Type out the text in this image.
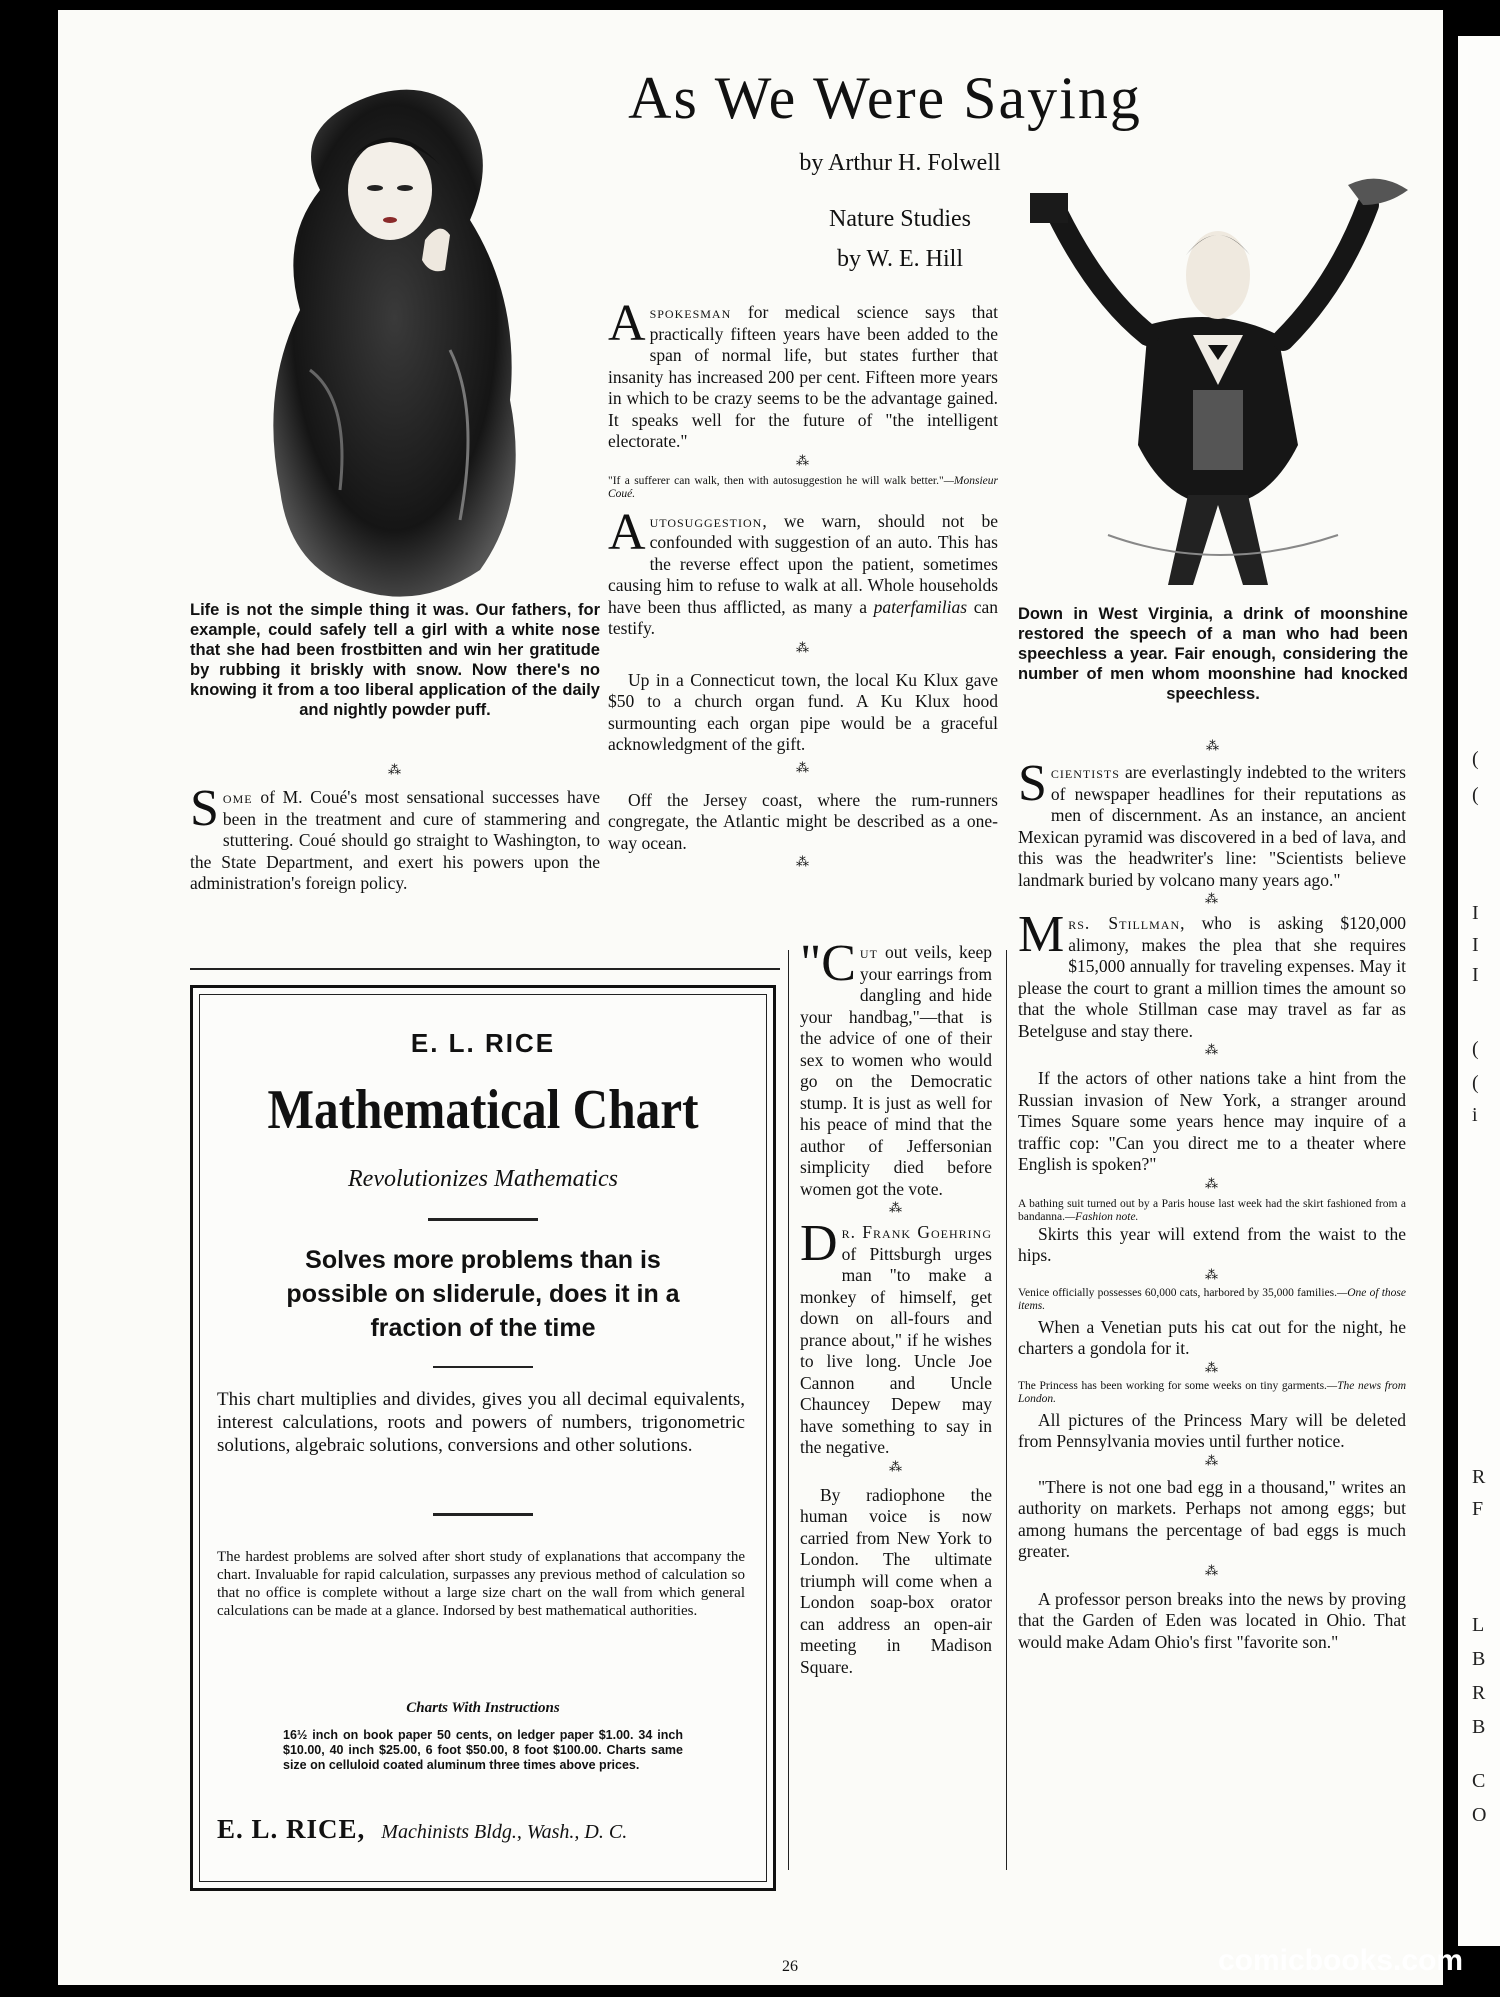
(
(
I
I
I
(
(
i
R
F
L
B
R
B
C
O
As We Were Saying
by Arthur H. Folwell
Nature Studies
by W. E. Hill
Life is not the simple thing it was. Our fathers, for example, could safely tell a girl with a white nose that she had been frostbitten and win her gratitude by rubbing it briskly with snow. Now there's no knowing it from a too liberal application of the daily and nightly powder puff.
⁂
Some of M. Coué's most sensational successes have been in the treatment and cure of stammering and stuttering. Coué should go straight to Washington, to the State Department, and exert his powers upon the administration's foreign policy.
A spokesman for medical science says that practically fifteen years have been added to the span of normal life, but states further that insanity has increased 200 per cent. Fifteen more years in which to be crazy seems to be the advantage gained. It speaks well for the future of "the intelligent electorate."
⁂
"If a sufferer can walk, then with autosuggestion he will walk better."—Monsieur Coué.
Autosuggestion, we warn, should not be confounded with suggestion of an auto. This has the reverse effect upon the patient, sometimes causing him to refuse to walk at all. Whole households have been thus afflicted, as many a paterfamilias can testify.
⁂
Up in a Connecticut town, the local Ku Klux gave $50 to a church organ fund. A Ku Klux hood surmounting each organ pipe would be a graceful acknowledgment of the gift.
⁂
Off the Jersey coast, where the rum-runners congregate, the Atlantic might be described as a one-way ocean.
⁂
"Cut out veils, keep your earrings from dangling and hide your handbag,"—that is the advice of one of their sex to women who would go on the Democratic stump. It is just as well for his peace of mind that the author of Jeffersonian simplicity died before women got the vote.
⁂
Dr. Frank Goehring of Pittsburgh urges man "to make a monkey of himself, get down on all-fours and prance about," if he wishes to live long. Uncle Joe Cannon and Uncle Chauncey Depew may have something to say in the negative.
⁂
By radiophone the human voice is now carried from New York to London. The ultimate triumph will come when a London soap-box orator can address an open-air meeting in Madison Square.
Down in West Virginia, a drink of moonshine restored the speech of a man who had been speechless a year. Fair enough, considering the number of men whom moonshine had knocked speechless.
⁂
Scientists are everlastingly indebted to the writers of newspaper headlines for their reputations as men of discernment. As an instance, an ancient Mexican pyramid was discovered in a bed of lava, and this was the headwriter's line: "Scientists believe landmark buried by volcano many years ago."
⁂
Mrs. Stillman, who is asking $120,000 alimony, makes the plea that she requires $15,000 annually for traveling expenses. May it please the court to grant a million times the amount so that the whole Stillman case may travel as far as Betelguse and stay there.
⁂
If the actors of other nations take a hint from the Russian invasion of New York, a stranger around Times Square some years hence may inquire of a traffic cop: "Can you direct me to a theater where English is spoken?"
⁂
A bathing suit turned out by a Paris house last week had the skirt fashioned from a bandanna.—Fashion note.
Skirts this year will extend from the waist to the hips.
⁂
Venice officially possesses 60,000 cats, harbored by 35,000 families.—One of those items.
When a Venetian puts his cat out for the night, he charters a gondola for it.
⁂
The Princess has been working for some weeks on tiny garments.—The news from London.
All pictures of the Princess Mary will be deleted from Pennsylvania movies until further notice.
⁂
"There is not one bad egg in a thousand," writes an authority on markets. Perhaps not among eggs; but among humans the percentage of bad eggs is much greater.
⁂
A professor person breaks into the news by proving that the Garden of Eden was located in Ohio. That would make Adam Ohio's first "favorite son."
E. L. RICE
Mathematical Chart
Revolutionizes Mathematics
Solves more problems than is possible on sliderule, does it in a fraction of the time
This chart multiplies and divides, gives you all decimal equivalents, interest calculations, roots and powers of numbers, trigonometric solutions, algebraic solutions, conversions and other solutions.
The hardest problems are solved after short study of explanations that accompany the chart. Invaluable for rapid calculation, surpasses any previous method of calculation so that no office is complete without a large size chart on the wall from which general calculations can be made at a glance. Indorsed by best mathematical authorities.
Charts With Instructions
16½ inch on book paper 50 cents, on ledger paper $1.00. 34 inch $10.00, 40 inch $25.00, 6 foot $50.00, 8 foot $100.00. Charts same size on celluloid coated aluminum three times above prices.
E. L. RICE, Machinists Bldg., Wash., D. C.
26	comicbooks.com
